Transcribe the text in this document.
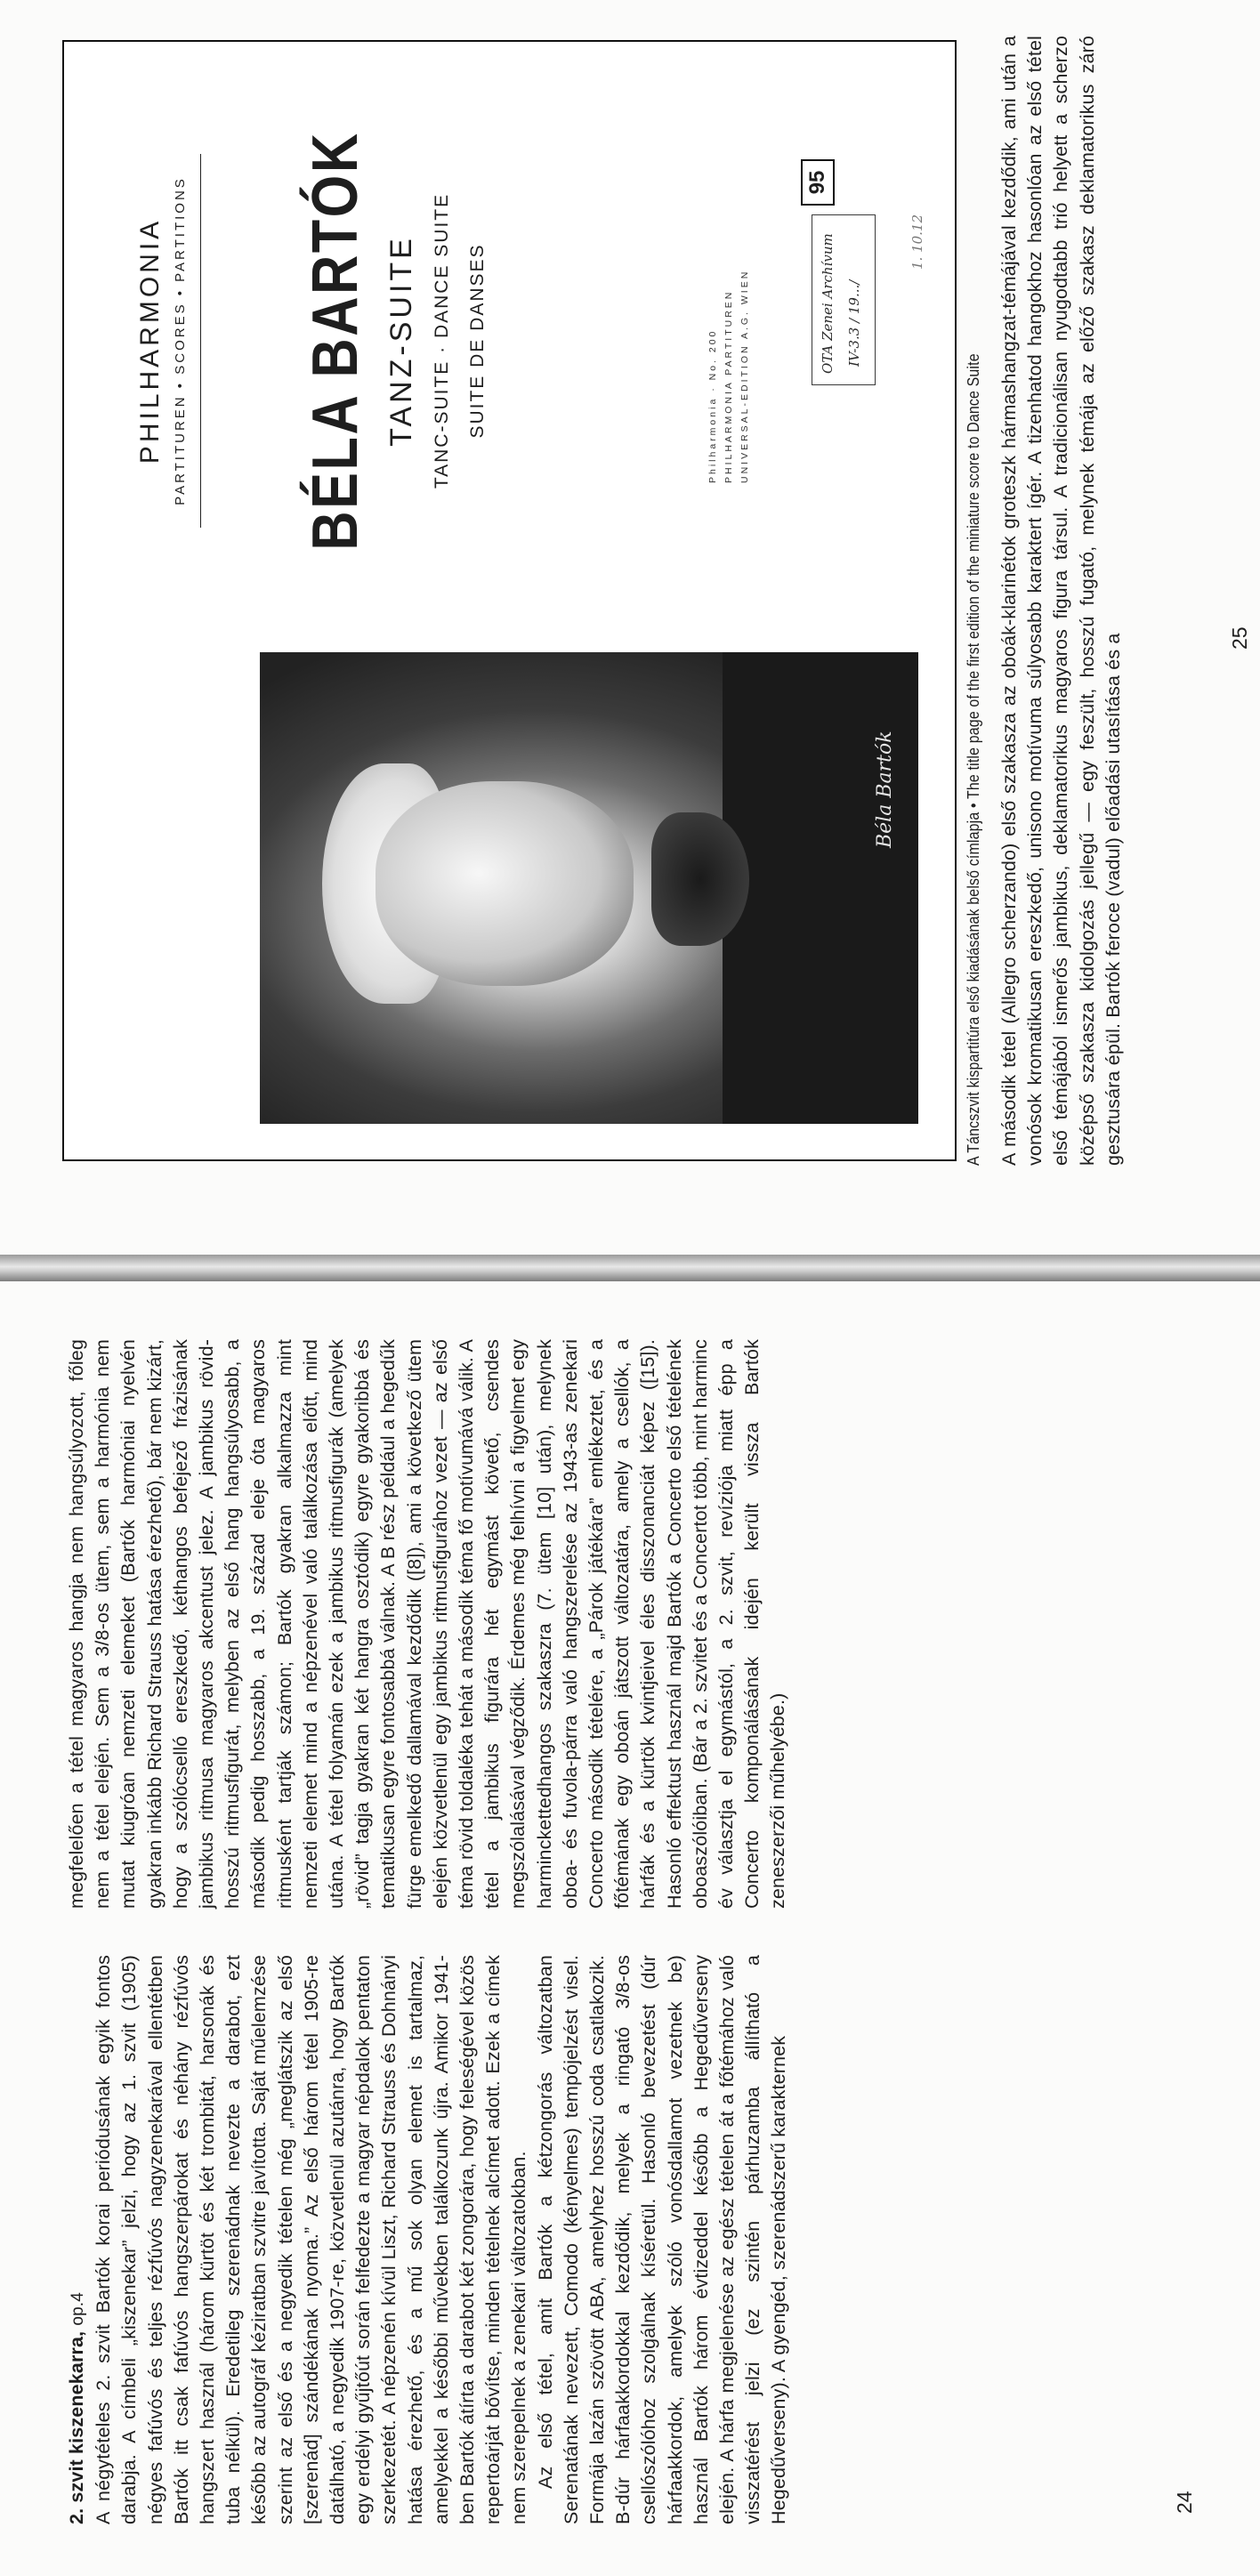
Béla Bartók
PHILHARMONIA PARTITUREN • SCORES • PARTITIONS BÉLA BARTÓK TANZ-SUITE TANC-SUITE · DANCE SUITE SUITE DE DANSES	Philharmonia · No. 200 PHILHARMONIA PARTITUREN UNIVERSAL-EDITION A.G. WIEN	OTA Zenei Archívum IV-3.3 / 19.../
95
1. 10.12
A Táncszvit kispartitúra első kiadásának belső címlapja • The title page of the first edition of the miniature score to Dance Suite A második tétel (Allegro scherzando) első szakasza az oboák-klarinétok groteszk hármashangzat-témájával kezdődik, ami után a vonósok kromatikusan ereszkedő, unisono motívuma súlyosabb karaktert ígér. A tizenhatod hangokhoz hasonlóan az első tétel első témájából ismerős jambikus, deklamatorikus magyaros figura társul. A tradicionálisan nyugodtabb trió helyett a scherzo középső szakasza kidolgozás jellegű — egy feszült, hosszú fugató, melynek témája az előző szakasz deklamatorikus záró gesztusára épül. Bartók feroce (vadul) előadási utasítása és a	25

2. szvit kiszenekarra, op.4 A négytételes 2. szvit Bartók korai periódusának egyik fontos darabja. A címbeli „kiszenekar” jelzi, hogy az 1. szvit (1905) négyes fafúvós és teljes rézfúvós nagyzenekarával ellentétben Bartók itt csak fafúvós hangszerpárokat és néhány rézfúvós hangszert használ (három kürtöt és két trombitát, harsonák és tuba nélkül). Eredetileg szerenádnak nevezte a darabot, ezt később az autográf kéziratban szvitre javította. Saját műelemzése szerint az első és a negyedik tételen még „meglátszik az első [szerenád] szándékának nyoma.” Az első három tétel 1905-re datálható, a negyedik 1907-re, közvetlenül azutánra, hogy Bartók egy erdélyi gyűjtőút során felfedezte a magyar népdalok pentaton szerkezetét. A népzenén kívül Liszt, Richard Strauss és Dohnányi hatása érezhető, és a mű sok olyan elemet is tartalmaz, amelyekkel a későbbi művekben találkozunk újra. Amikor 1941-ben Bartók átírta a darabot két zongorára, hogy feleségével közös repertoárját bővítse, minden tételnek alcímet adott. Ezek a címek nem szerepelnek a zenekari változatokban. Az első tétel, amit Bartók a kétzongorás változatban Serenatának nevezett, Comodo (kényelmes) tempójelzést visel. Formája lazán szövött ABA, amelyhez hosszú coda csatlakozik. B-dúr hárfaakkordokkal kezdődik, melyek a ringató 3/8-os csellószólóhoz szolgálnak kíséretül. Hasonló bevezetést (dúr hárfaakkordok, amelyek szóló vonósdallamot vezetnek be) használ Bartók három évtizeddel később a Hegedűverseny elején. A hárfa megjelenése az egész tételen át a főtémához való visszatérést jelzi (ez szintén párhuzamba állítható a Hegedűverseny). A gyengéd, szerenádszerű karakternek

megfelelően a tétel magyaros hangja nem hangsúlyozott, főleg nem a tétel elején. Sem a 3/8-os ütem, sem a harmónia nem mutat kiugróan nemzeti elemeket (Bartók harmóniai nyelvén gyakran inkább Richard Strauss hatása érezhető), bár nem kizárt, hogy a szólócselló ereszkedő, kéthangos befejező frázisának jambikus ritmusa magyaros akcentust jelez. A jambikus rövid-hosszú ritmusfigurát, melyben az első hang hangsúlyosabb, a második pedig hosszabb, a 19. század eleje óta magyaros ritmusként tartják számon; Bartók gyakran alkalmazza mint nemzeti elemet mind a népzenével való találkozása előtt, mind utána. A tétel folyamán ezek a jambikus ritmusfigurák (amelyek „rövid” tagja gyakran két hangra osztódik) egyre gyakoribbá és tematikusan egyre fontosabbá válnak. A B rész például a hegedűk fürge emelkedő dallamával kezdődik ([8]), ami a következő ütem elején közvetlenül egy jambikus ritmusfigurához vezet — az első téma rövid toldaléka tehát a második téma fő motívumává válik. A tétel a jambikus figurára hét egymást követő, csendes megszólalásával végződik. Érdemes még felhívni a figyelmet egy harminckettedhangos szakaszra (7. ütem [10] után), melynek oboa- és fuvola-párra való hangszerelése az 1943-as zenekari Concerto második tételére, a „Párok játékára” emlékeztet, és a főtémának egy oboán játszott változatára, amely a csellók, a hárfák és a kürtök kvintjeivel éles disszonanciát képez ([15]). Hasonló effektust használ majd Bartók a Concerto első tételének oboaszólóiban. (Bár a 2. szvitet és a Concertot több, mint harminc év választja el egymástól, a 2. szvit, revíziója miatt épp a Concerto komponálásának idején került vissza Bartók zeneszerzői műhelyébe.)

24
